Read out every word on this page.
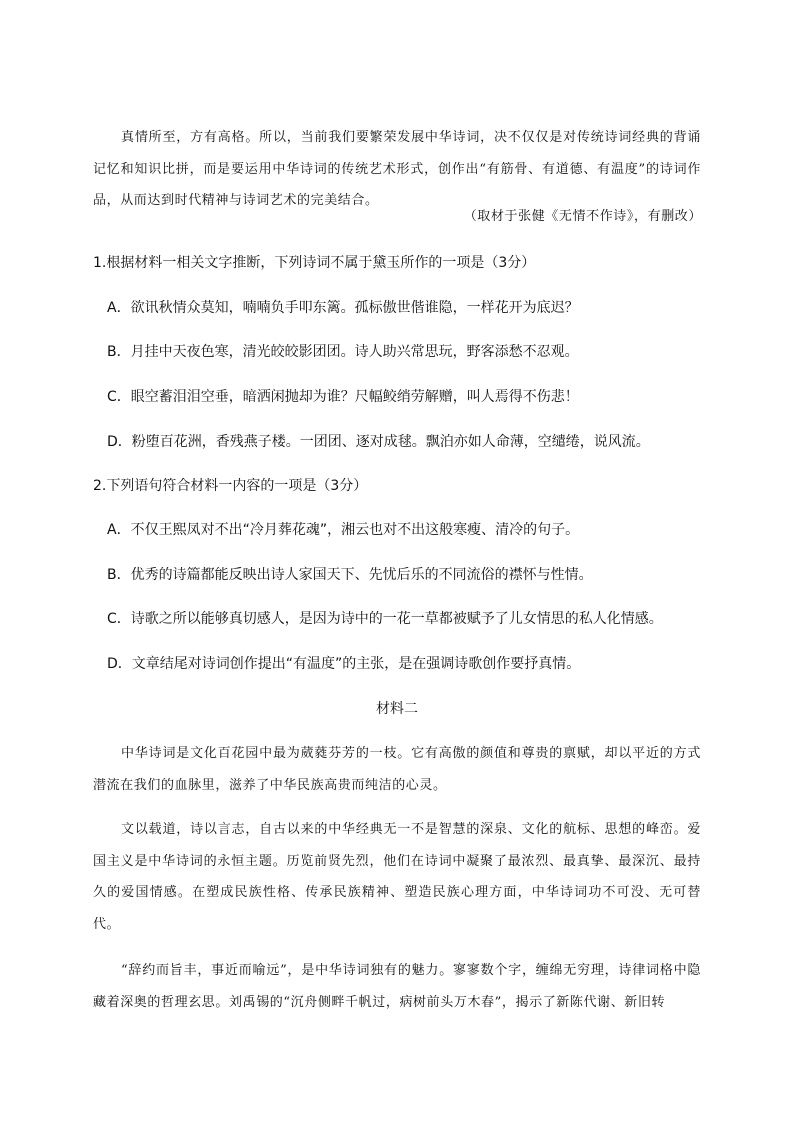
真情所至，方有高格。所以，当前我们要繁荣发展中华诗词，决不仅仅是对传统诗词经典的背诵记忆和知识比拼，而是要运用中华诗词的传统艺术形式，创作出“有筋骨、有道德、有温度”的诗词作品，从而达到时代精神与诗词艺术的完美结合。

（取材于张健《无情不作诗》，有删改）

1.根据材料一相关文字推断，下列诗词不属于黛玉所作的一项是（3分）

A．欲讯秋情众莫知，喃喃负手叩东篱。孤标傲世偕谁隐，一样花开为底迟？

B．月挂中天夜色寒，清光皎皎影团团。诗人助兴常思玩，野客添愁不忍观。

C．眼空蓄泪泪空垂，暗洒闲抛却为谁？尺幅鲛绡劳解赠，叫人焉得不伤悲！

D．粉堕百花洲，香残燕子楼。一团团、逐对成毬。飘泊亦如人命薄，空缱绻，说风流。

2.下列语句符合材料一内容的一项是（3分）

A．不仅王熙凤对不出“冷月葬花魂”，湘云也对不出这般寒瘦、清冷的句子。

B．优秀的诗篇都能反映出诗人家国天下、先忧后乐的不同流俗的襟怀与性情。

C．诗歌之所以能够真切感人，是因为诗中的一花一草都被赋予了儿女情思的私人化情感。

D．文章结尾对诗词创作提出“有温度”的主张，是在强调诗歌创作要抒真情。

材料二

中华诗词是文化百花园中最为葳蕤芬芳的一枝。它有高傲的颜值和尊贵的禀赋，却以平近的方式潜流在我们的血脉里，滋养了中华民族高贵而纯洁的心灵。

文以载道，诗以言志，自古以来的中华经典无一不是智慧的深泉、文化的航标、思想的峰峦。爱国主义是中华诗词的永恒主题。历览前贤先烈，他们在诗词中凝聚了最浓烈、最真挚、最深沉、最持久的爱国情感。在塑成民族性格、传承民族精神、塑造民族心理方面，中华诗词功不可没、无可替代。

“辞约而旨丰，事近而喻远”，是中华诗词独有的魅力。寥寥数个字，缠绵无穷理，诗律词格中隐藏着深奥的哲理玄思。刘禹锡的“沉舟侧畔千帆过，病树前头万木春”，揭示了新陈代谢、新旧转
